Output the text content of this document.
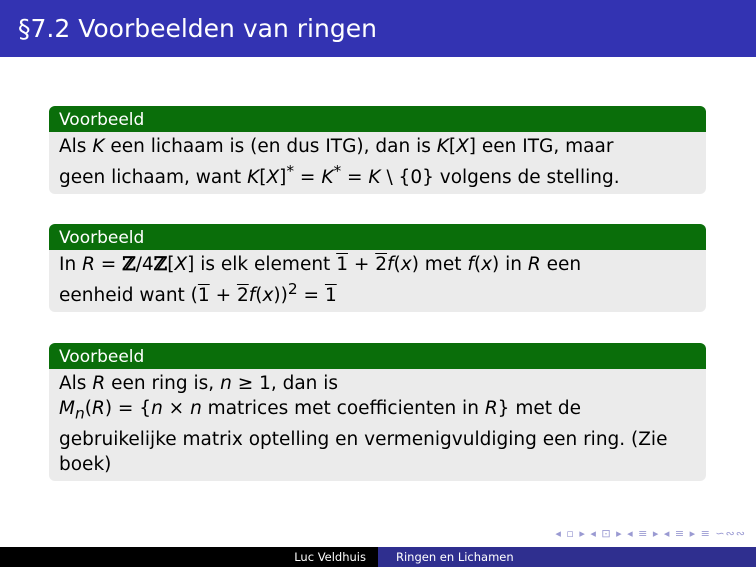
§7.2 Voorbeelden van ringen
Voorbeeld
Als K een lichaam is (en dus ITG), dan is K[X] een ITG, maar
geen lichaam, want K[X]* = K* = K \ {0} volgens de stelling.
Voorbeeld
In R = ℤ/4ℤ[X] is elk element 1 + 2f(x) met f(x) in R een
eenheid want $(1 + 2f(x))^2 = 1$
Voorbeeld
Als R een ring is, n ≥ 1, dan is
$M_n(R) = \{n \times n$ matrices met coefficienten in R} met de
gebruikelijke matrix optelling en vermenigvuldiging een ring. (Zie
boek)
◂ ▫ ▸ ◂ ⊡ ▸ ◂ ≡ ▸ ◂ ≡ ▸ ≡ ∽∾∾
Luc Veldhuis	Ringen en Lichamen
